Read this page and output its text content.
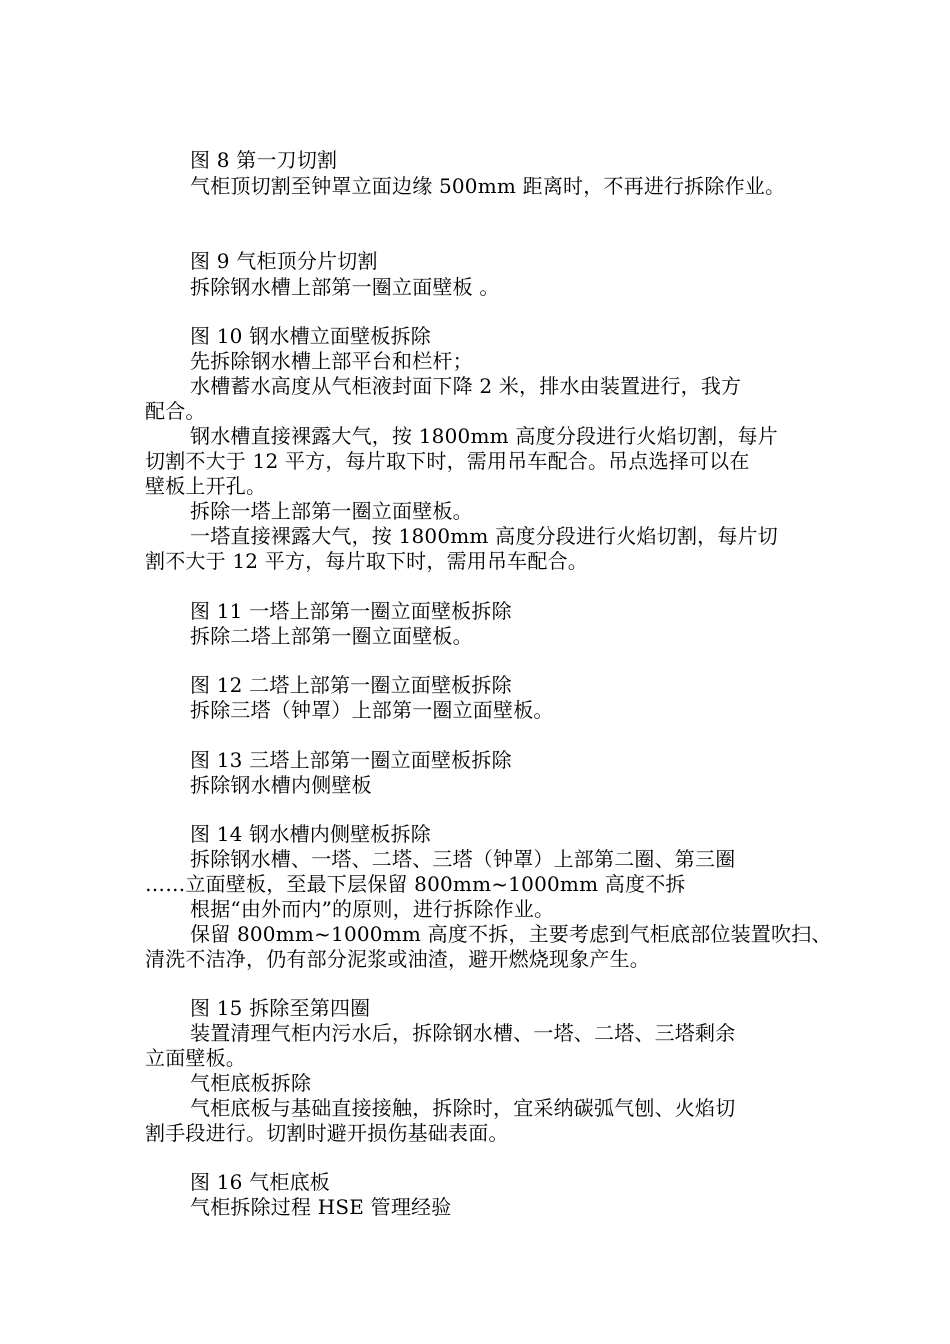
图 8 第一刀切割
气柜顶切割至钟罩立面边缘 500mm 距离时，不再进行拆除作业。
图 9 气柜顶分片切割
拆除钢水槽上部第一圈立面壁板 。
图 10 钢水槽立面壁板拆除
先拆除钢水槽上部平台和栏杆；
水槽蓄水高度从气柜液封面下降 2 米，排水由装置进行，我方
配合。
钢水槽直接裸露大气，按 1800mm 高度分段进行火焰切割，每片
切割不大于 12 平方，每片取下时，需用吊车配合。吊点选择可以在
壁板上开孔。
拆除一塔上部第一圈立面壁板。
一塔直接裸露大气，按 1800mm 高度分段进行火焰切割，每片切
割不大于 12 平方，每片取下时，需用吊车配合。
图 11 一塔上部第一圈立面壁板拆除
拆除二塔上部第一圈立面壁板。
图 12 二塔上部第一圈立面壁板拆除
拆除三塔（钟罩）上部第一圈立面壁板。
图 13 三塔上部第一圈立面壁板拆除
拆除钢水槽内侧壁板
图 14 钢水槽内侧壁板拆除
拆除钢水槽、一塔、二塔、三塔（钟罩）上部第二圈、第三圈
……立面壁板，至最下层保留 800mm~1000mm 高度不拆
根据“由外而内”的原则，进行拆除作业。
保留 800mm~1000mm 高度不拆，主要考虑到气柜底部位装置吹扫、
清洗不洁净，仍有部分泥浆或油渣，避开燃烧现象产生。
图 15 拆除至第四圈
装置清理气柜内污水后，拆除钢水槽、一塔、二塔、三塔剩余
立面壁板。
气柜底板拆除
气柜底板与基础直接接触，拆除时，宜采纳碳弧气刨、火焰切
割手段进行。切割时避开损伤基础表面。
图 16 气柜底板
气柜拆除过程 HSE 管理经验
